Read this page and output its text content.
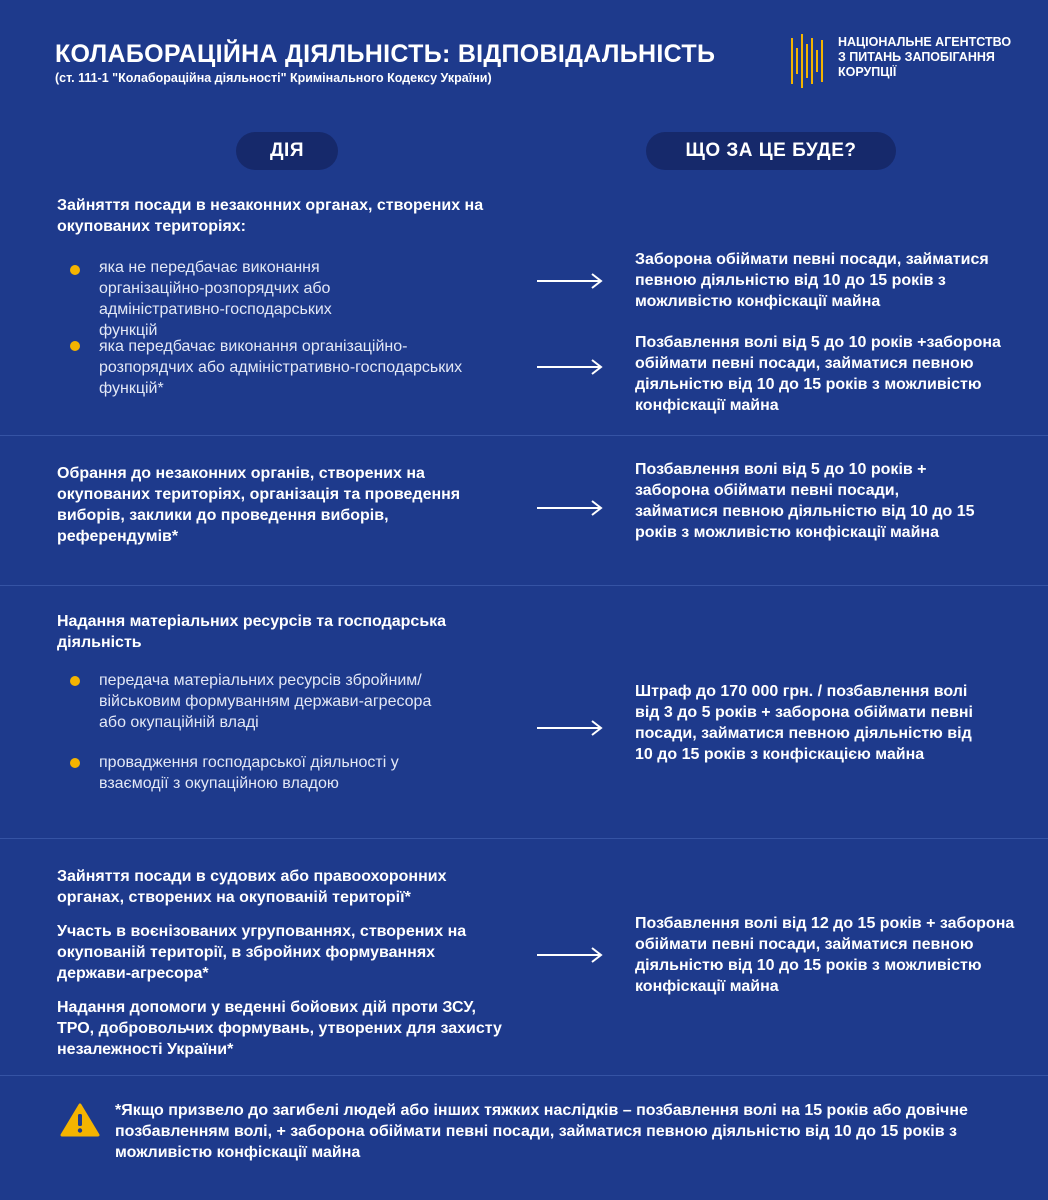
КОЛАБОРАЦІЙНА ДІЯЛЬНІСТЬ: ВІДПОВІДАЛЬНІСТЬ
(ст. 111-1 "Колабораційна діяльності" Кримінального Кодексу України)
НАЦІОНАЛЬНЕ АГЕНТСТВО
З ПИТАНЬ ЗАПОБІГАННЯ
КОРУПЦІЇ
ДІЯ	ЩО ЗА ЦЕ БУДЕ?
Зайняття посади в незаконних органах, створених на окупованих територіях:
яка не передбачає виконання організаційно-розпорядчих або адміністративно-господарських функцій
Заборона обіймати певні посади, займатися певною діяльністю від 10 до 15 років з можливістю конфіскації майна
яка передбачає виконання організаційно-розпорядчих або адміністративно-господарських функцій*
Позбавлення волі від 5 до 10 років +заборона обіймати певні посади, займатися певною діяльністю від 10 до 15 років з можливістю конфіскації майна
Обрання до незаконних органів, створених на окупованих територіях, організація та проведення виборів, заклики до проведення виборів, референдумів*
Позбавлення волі від 5 до 10 років + заборона обіймати певні посади, займатися певною діяльністю від 10 до 15 років з можливістю конфіскації майна
Надання матеріальних ресурсів та господарська діяльність
передача матеріальних ресурсів збройним/військовим формуванням держави-агресора або окупаційній владі
провадження господарської діяльності у взаємодії з окупаційною владою
Штраф до 170 000 грн. / позбавлення волі від 3 до 5 років + заборона обіймати певні посади, займатися певною діяльністю від 10 до 15 років з конфіскацією майна
Зайняття посади в судових або правоохоронних органах, створених на окупованій території*
Участь в воєнізованих угрупованнях, створених на окупованій території, в збройних формуваннях держави-агресора*
Надання допомоги у веденні бойових дій проти ЗСУ, ТРО, добровольчих формувань, утворених для захисту незалежності України*
Позбавлення волі від 12 до 15 років + заборона обіймати певні посади, займатися певною діяльністю від 10 до 15 років з можливістю конфіскації майна
*Якщо призвело до загибелі людей або інших тяжких наслідків – позбавлення волі на 15 років або довічне позбавленням волі, + заборона обіймати певні посади, займатися певною діяльністю від 10 до 15 років з можливістю конфіскації майна
